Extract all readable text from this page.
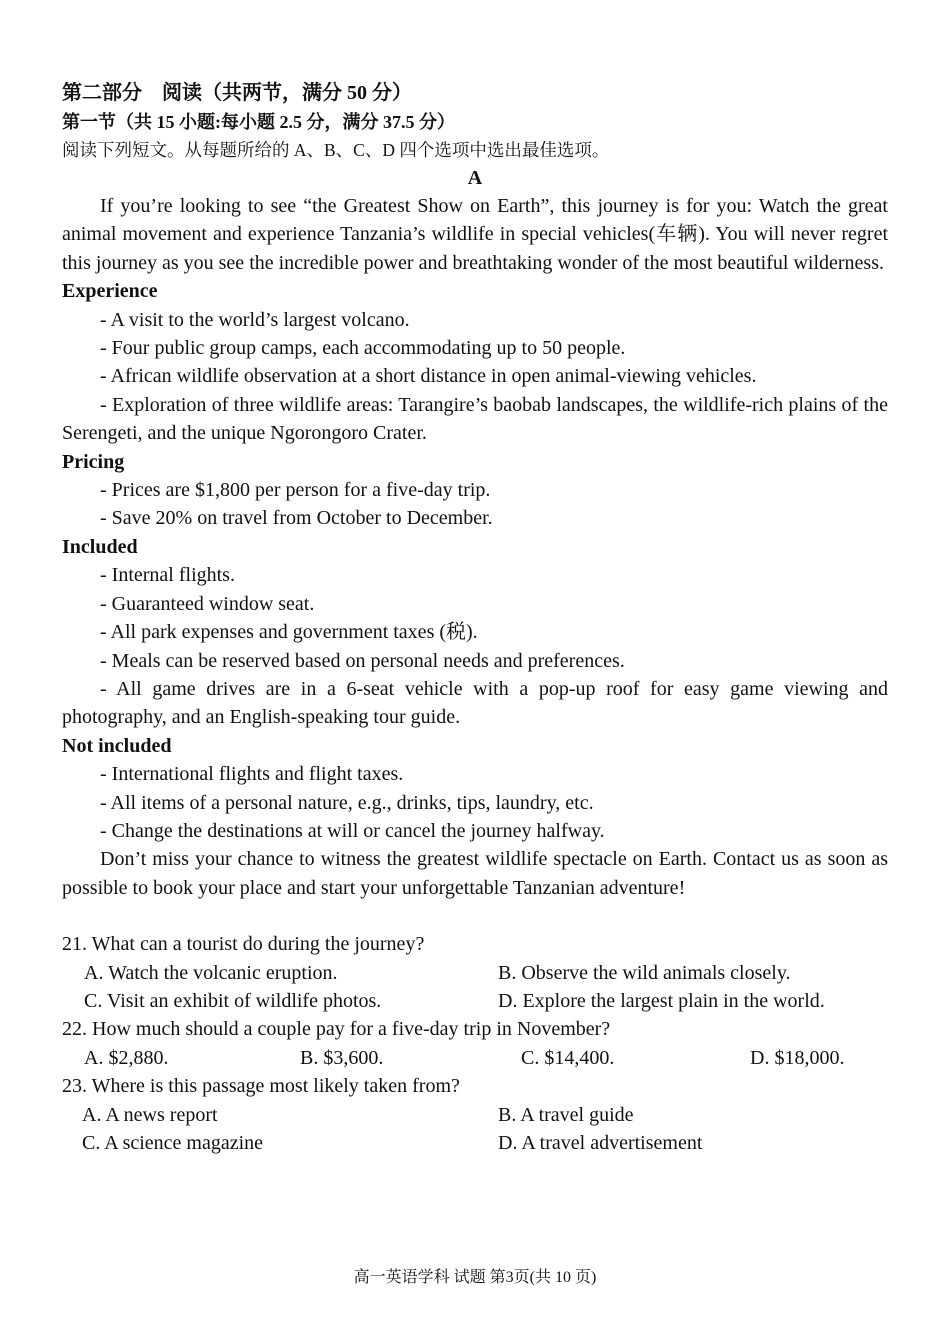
第二部分　阅读（共两节，满分 50 分）
第一节（共 15 小题:每小题 2.5 分，满分 37.5 分）
阅读下列短文。从每题所给的 A、B、C、D 四个选项中选出最佳选项。
A
If you’re looking to see “the Greatest Show on Earth”, this journey is for you: Watch the great animal movement and experience Tanzania’s wildlife in special vehicles(车辆). You will never regret this journey as you see the incredible power and breathtaking wonder of the most beautiful wilderness.
Experience
- A visit to the world’s largest volcano.
- Four public group camps, each accommodating up to 50 people.
- African wildlife observation at a short distance in open animal-viewing vehicles.
- Exploration of three wildlife areas: Tarangire’s baobab landscapes, the wildlife-rich plains of the Serengeti, and the unique Ngorongoro Crater.
Pricing
- Prices are $1,800 per person for a five-day trip.
- Save 20% on travel from October to December.
Included
- Internal flights.
- Guaranteed window seat.
- All park expenses and government taxes (税).
- Meals can be reserved based on personal needs and preferences.
- All game drives are in a 6-seat vehicle with a pop-up roof for easy game viewing and photography, and an English-speaking tour guide.
Not included
- International flights and flight taxes.
- All items of a personal nature, e.g., drinks, tips, laundry, etc.
- Change the destinations at will or cancel the journey halfway.
Don’t miss your chance to witness the greatest wildlife spectacle on Earth. Contact us as soon as possible to book your place and start your unforgettable Tanzanian adventure!
21. What can a tourist do during the journey?
A. Watch the volcanic eruption.	B. Observe the wild animals closely.
C. Visit an exhibit of wildlife photos.	D. Explore the largest plain in the world.
22. How much should a couple pay for a five-day trip in November?
A. $2,880.	B. $3,600.	C. $14,400.	D. $18,000.
23. Where is this passage most likely taken from?
A. A news report	B. A travel guide
C. A science magazine	D. A travel advertisement
高一英语学科 试题 第3页(共 10 页)
